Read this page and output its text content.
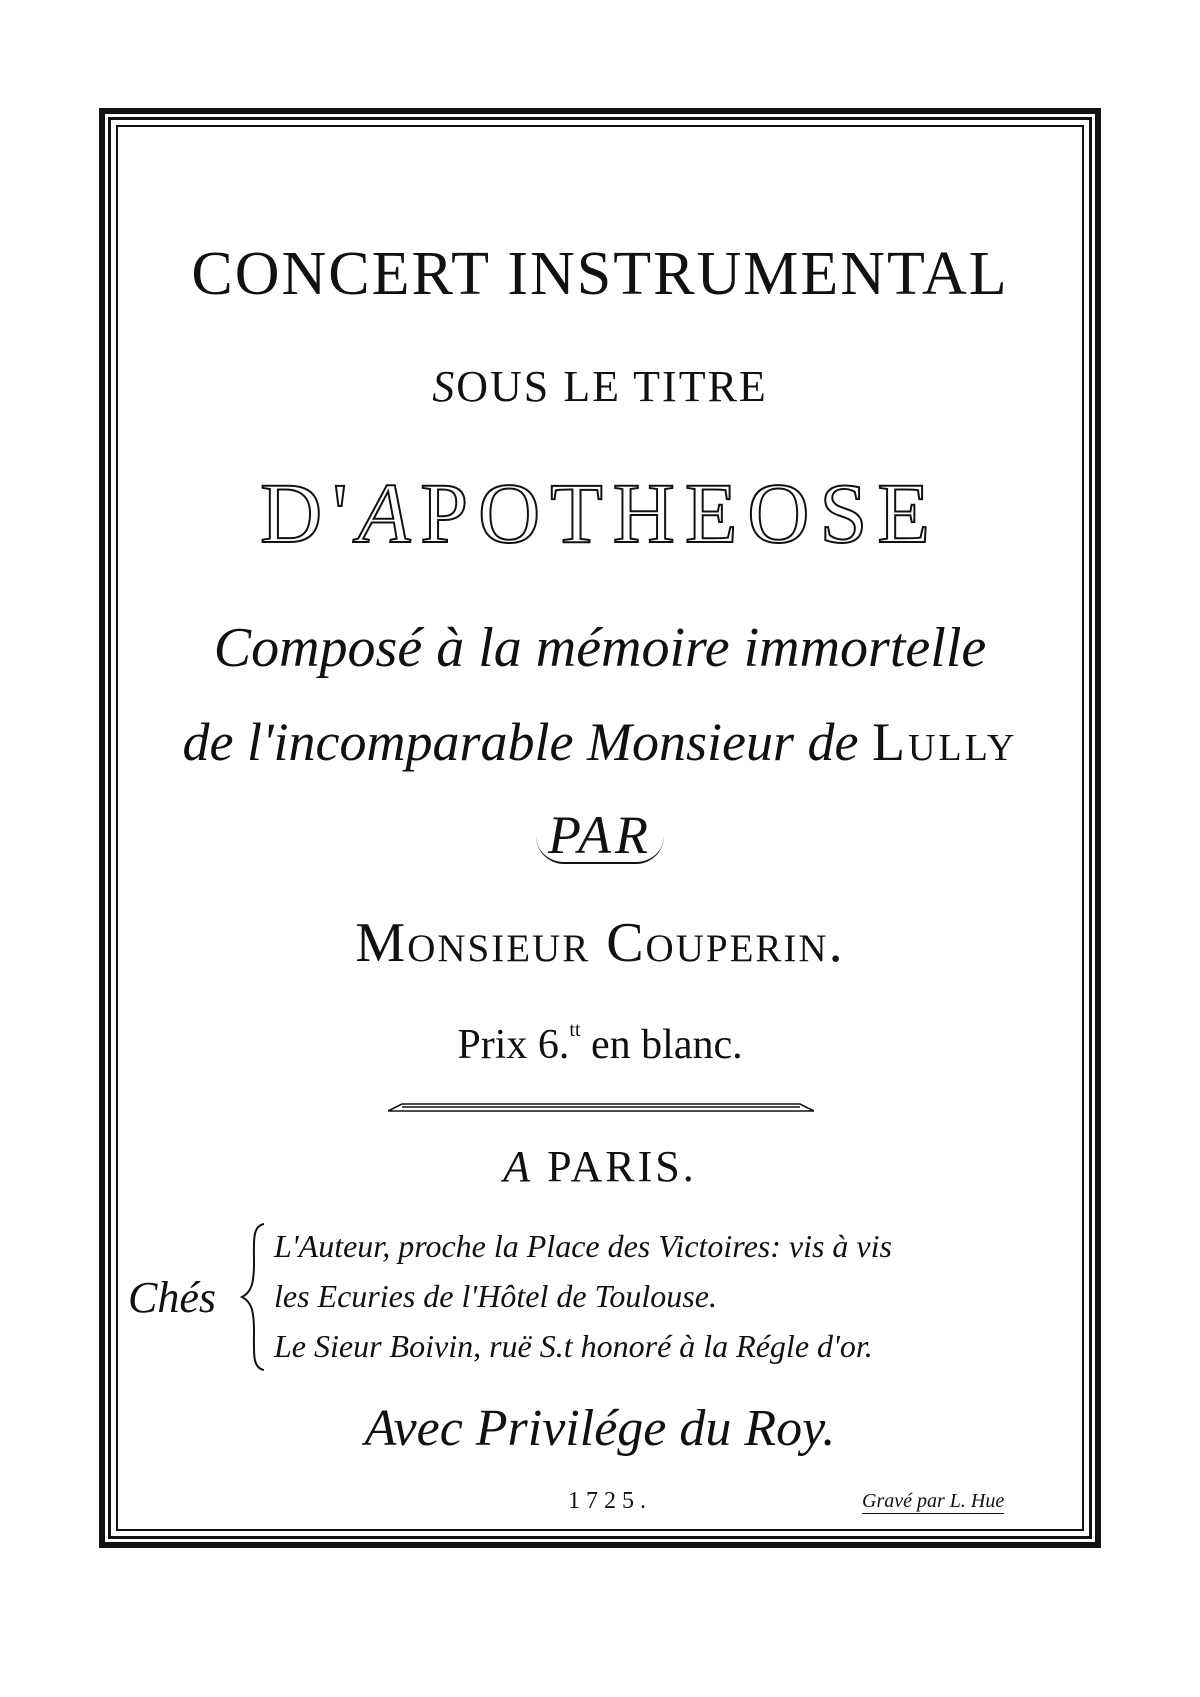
CONCERT INSTRUMENTAL
SOUS LE TITRE
D'APOTHEOSE
Composé à la mémoire immortelle
de l'incomparable Monsieur de Lully
PAR
Monsieur Couperin.
Prix 6.$^{tt}$ en blanc.
A PARIS.
Chés
L'Auteur, proche la Place des Victoires: vis à vis
les Ecuries de l'Hôtel de Toulouse.
Le Sieur Boivin, ruë S.t honoré à la Régle d'or.
Avec Privilége du Roy.
1725.	Gravé par L. Hue
